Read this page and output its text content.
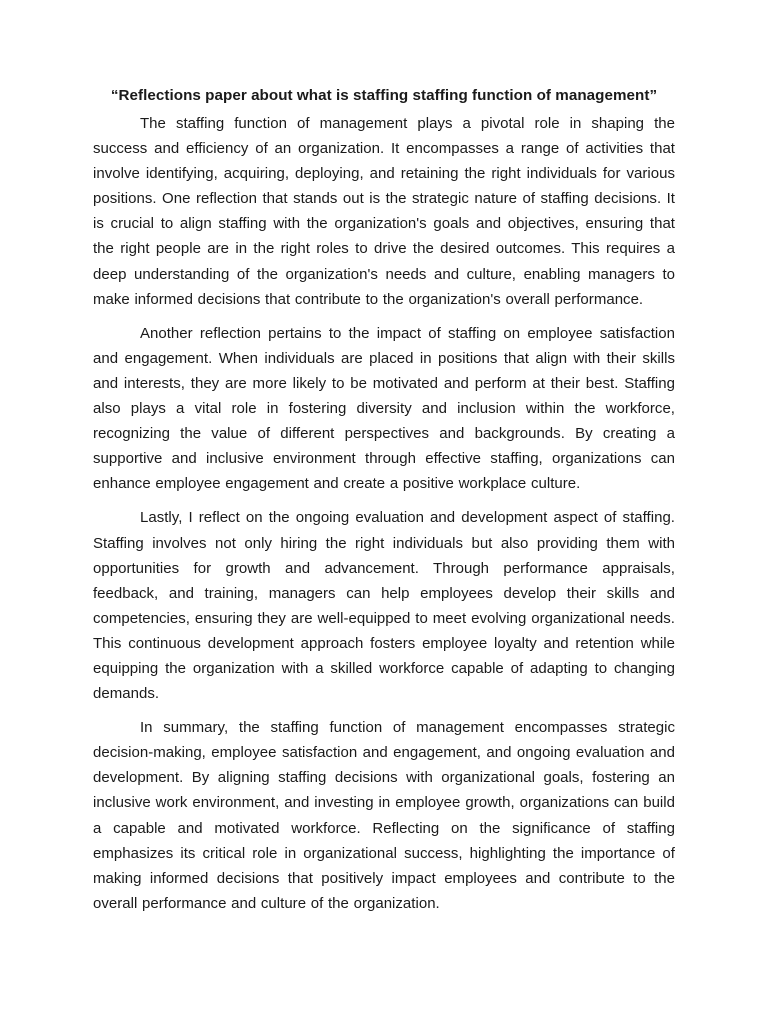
“Reflections paper about what is staffing staffing function of management”

The staffing function of management plays a pivotal role in shaping the success and efficiency of an organization. It encompasses a range of activities that involve identifying, acquiring, deploying, and retaining the right individuals for various positions. One reflection that stands out is the strategic nature of staffing decisions. It is crucial to align staffing with the organization's goals and objectives, ensuring that the right people are in the right roles to drive the desired outcomes. This requires a deep understanding of the organization's needs and culture, enabling managers to make informed decisions that contribute to the organization's overall performance.

Another reflection pertains to the impact of staffing on employee satisfaction and engagement. When individuals are placed in positions that align with their skills and interests, they are more likely to be motivated and perform at their best. Staffing also plays a vital role in fostering diversity and inclusion within the workforce, recognizing the value of different perspectives and backgrounds. By creating a supportive and inclusive environment through effective staffing, organizations can enhance employee engagement and create a positive workplace culture.

Lastly, I reflect on the ongoing evaluation and development aspect of staffing. Staffing involves not only hiring the right individuals but also providing them with opportunities for growth and advancement. Through performance appraisals, feedback, and training, managers can help employees develop their skills and competencies, ensuring they are well-equipped to meet evolving organizational needs. This continuous development approach fosters employee loyalty and retention while equipping the organization with a skilled workforce capable of adapting to changing demands.

In summary, the staffing function of management encompasses strategic decision-making, employee satisfaction and engagement, and ongoing evaluation and development. By aligning staffing decisions with organizational goals, fostering an inclusive work environment, and investing in employee growth, organizations can build a capable and motivated workforce. Reflecting on the significance of staffing emphasizes its critical role in organizational success, highlighting the importance of making informed decisions that positively impact employees and contribute to the overall performance and culture of the organization.
